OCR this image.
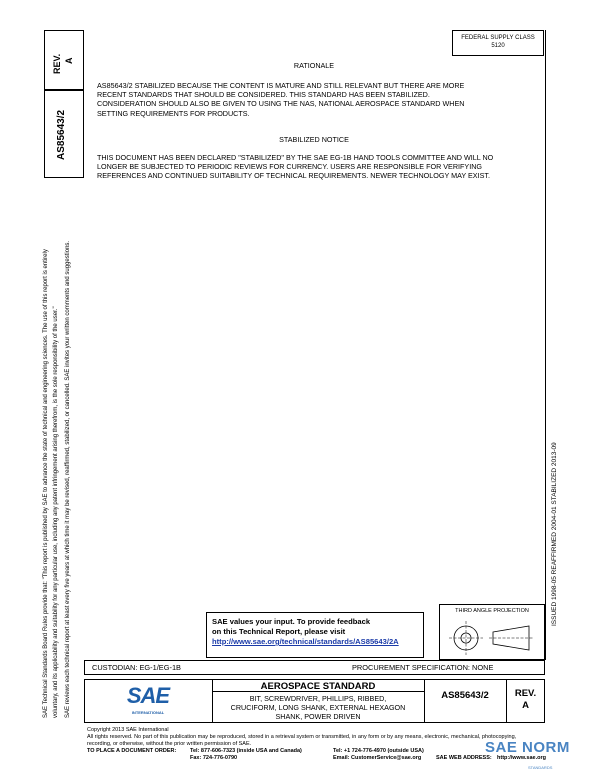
SAE Technical Standards Board Rules provide that: "This report is published by SAE to advance the state of technical and engineering sciences. The use of this report is entirely voluntary, and its applicability and suitability for any particular use, including any patent infringement arising therefrom, is the sole responsibility of the user." SAE reviews each technical report at least every five years at which time it may be revised, reaffirmed, stabilized, or cancelled. SAE invites your written comments and suggestions.
REV. A
AS85643/2
FEDERAL SUPPLY CLASS
5120
RATIONALE
AS85643/2 STABILIZED BECAUSE THE CONTENT IS MATURE AND STILL RELEVANT BUT THERE ARE MORE
RECENT STANDARDS THAT SHOULD BE CONSIDERED. THIS STANDARD HAS BEEN STABILIZED.
CONSIDERATION SHOULD ALSO BE GIVEN TO USING THE NAS, NATIONAL AEROSPACE STANDARD WHEN
SETTING REQUIREMENTS FOR PRODUCTS.
STABILIZED NOTICE
THIS DOCUMENT HAS BEEN DECLARED "STABILIZED" BY THE SAE EG-1B HAND TOOLS COMMITTEE AND WILL NO
LONGER BE SUBJECTED TO PERIODIC REVIEWS FOR CURRENCY. USERS ARE RESPONSIBLE FOR VERIFYING
REFERENCES AND CONTINUED SUITABILITY OF TECHNICAL REQUIREMENTS. NEWER TECHNOLOGY MAY EXIST.
ISSUED 1998-05 REAFFIRMED 2004-01 STABILIZED 2013-09
SAE values your input. To provide feedback
on this Technical Report, please visit
http://www.sae.org/technical/standards/AS85643/2A
THIRD ANGLE PROJECTION
CUSTODIAN: EG-1/EG-1B	PROCUREMENT SPECIFICATION: NONE
SAE
INTERNATIONAL
AEROSPACE STANDARD
BIT, SCREWDRIVER, PHILLIPS, RIBBED,
CRUCIFORM, LONG SHANK, EXTERNAL HEXAGON
SHANK, POWER DRIVEN
AS85643/2	REV.
A
Copyright 2013 SAE International
All rights reserved. No part of this publication may be reproduced, stored in a retrieval system or transmitted, in any form or by any means, electronic, mechanical, photocopying,
recording, or otherwise, without the prior written permission of SAE.
TO PLACE A DOCUMENT ORDER: Tel: 877-606-7323 (inside USA and Canada)
Fax: 724-776-0790
Tel: +1 724-776-4970 (outside USA)
Email: CustomerService@sae.org	SAE WEB ADDRESS: http://www.sae.org
SAE NORM
STANDARDS
